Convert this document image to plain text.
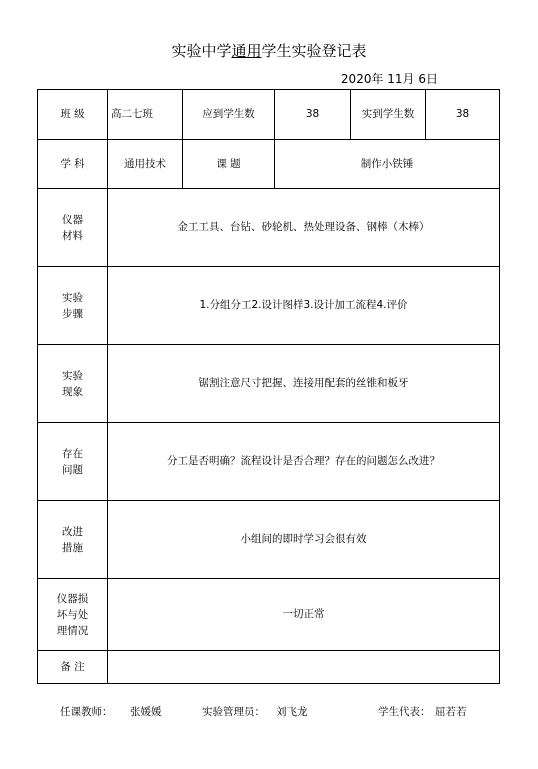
实验中学通用学生实验登记表
2020年 11月 6日
班 级	高二七班	应到学生数	38	实到学生数	38
学 科	通用技术	课 题	制作小铁锤		

仪器
材料	金工工具、台钻、砂轮机、热处理设备、钢棒（木棒）				

实验
步骤	1.分组分工2.设计图样3.设计加工流程4.评价				

实验
现象	锯割注意尺寸把握、连接用配套的丝锥和板牙				

存在
问题	分工是否明确？流程设计是否合理？存在的问题怎么改进？				

改进
措施	小组间的即时学习会很有效				

仪器损
坏与处
理情况	一切正常				
备 注					
任课教师： 张媛媛	实验管理员： 刘飞龙	学生代表： 屈若若
